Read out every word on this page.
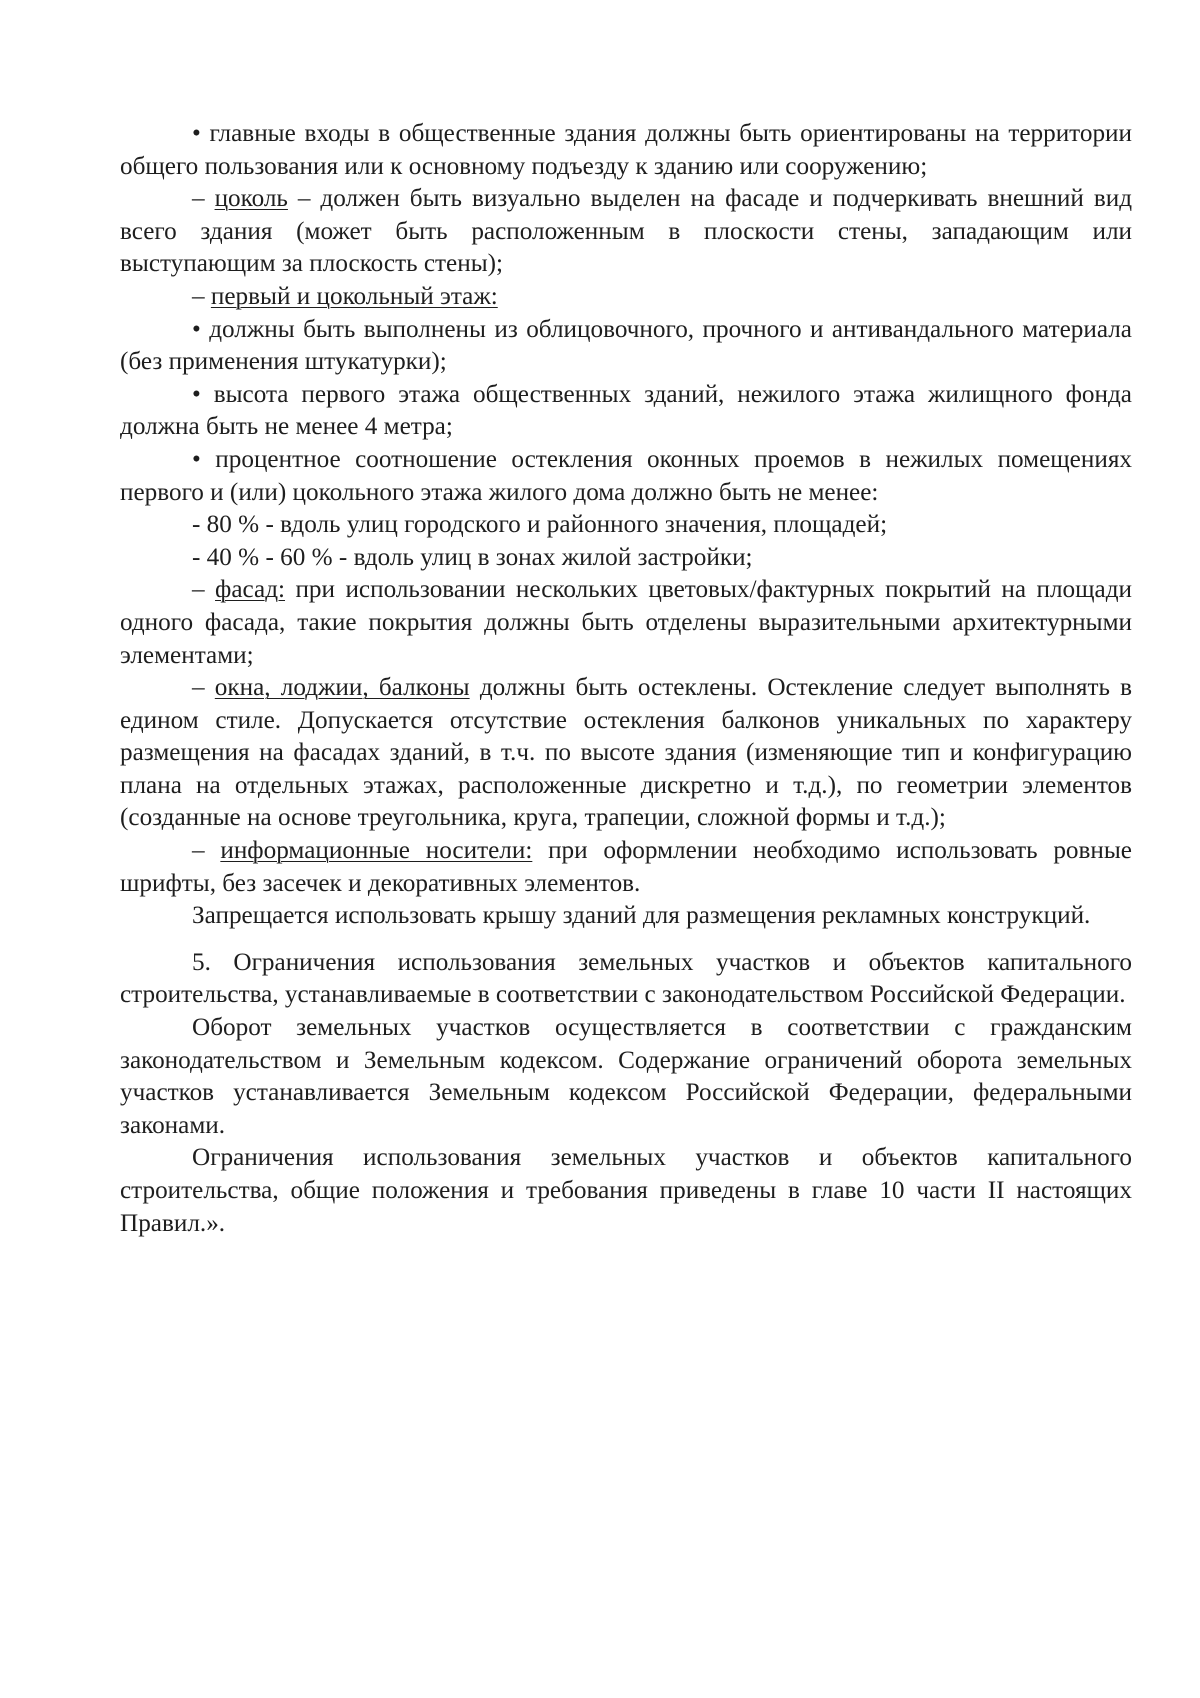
• главные входы в общественные здания должны быть ориентированы на территории общего пользования или к основному подъезду к зданию или сооружению;

– цоколь – должен быть визуально выделен на фасаде и подчеркивать внешний вид всего здания (может быть расположенным в плоскости стены, западающим или выступающим за плоскость стены);

– первый и цокольный этаж:

• должны быть выполнены из облицовочного, прочного и антивандального материала (без применения штукатурки);

• высота первого этажа общественных зданий, нежилого этажа жилищного фонда должна быть не менее 4 метра;

• процентное соотношение остекления оконных проемов в нежилых помещениях первого и (или) цокольного этажа жилого дома должно быть не менее:

- 80 % - вдоль улиц городского и районного значения, площадей;

- 40 % - 60 % - вдоль улиц в зонах жилой застройки;

– фасад: при использовании нескольких цветовых/фактурных покрытий на площади одного фасада, такие покрытия должны быть отделены выразительными архитектурными элементами;

– окна, лоджии, балконы должны быть остеклены. Остекление следует выполнять в едином стиле. Допускается отсутствие остекления балконов уникальных по характеру размещения на фасадах зданий, в т.ч. по высоте здания (изменяющие тип и конфигурацию плана на отдельных этажах, расположенные дискретно и т.д.), по геометрии элементов (созданные на основе треугольника, круга, трапеции, сложной формы и т.д.);

– информационные носители: при оформлении необходимо использовать ровные шрифты, без засечек и декоративных элементов.

Запрещается использовать крышу зданий для размещения рекламных конструкций.

5. Ограничения использования земельных участков и объектов капитального строительства, устанавливаемые в соответствии с законодательством Российской Федерации.

Оборот земельных участков осуществляется в соответствии с гражданским законодательством и Земельным кодексом. Содержание ограничений оборота земельных участков устанавливается Земельным кодексом Российской Федерации, федеральными законами.

Ограничения использования земельных участков и объектов капитального строительства, общие положения и требования приведены в главе 10 части II настоящих Правил.».
